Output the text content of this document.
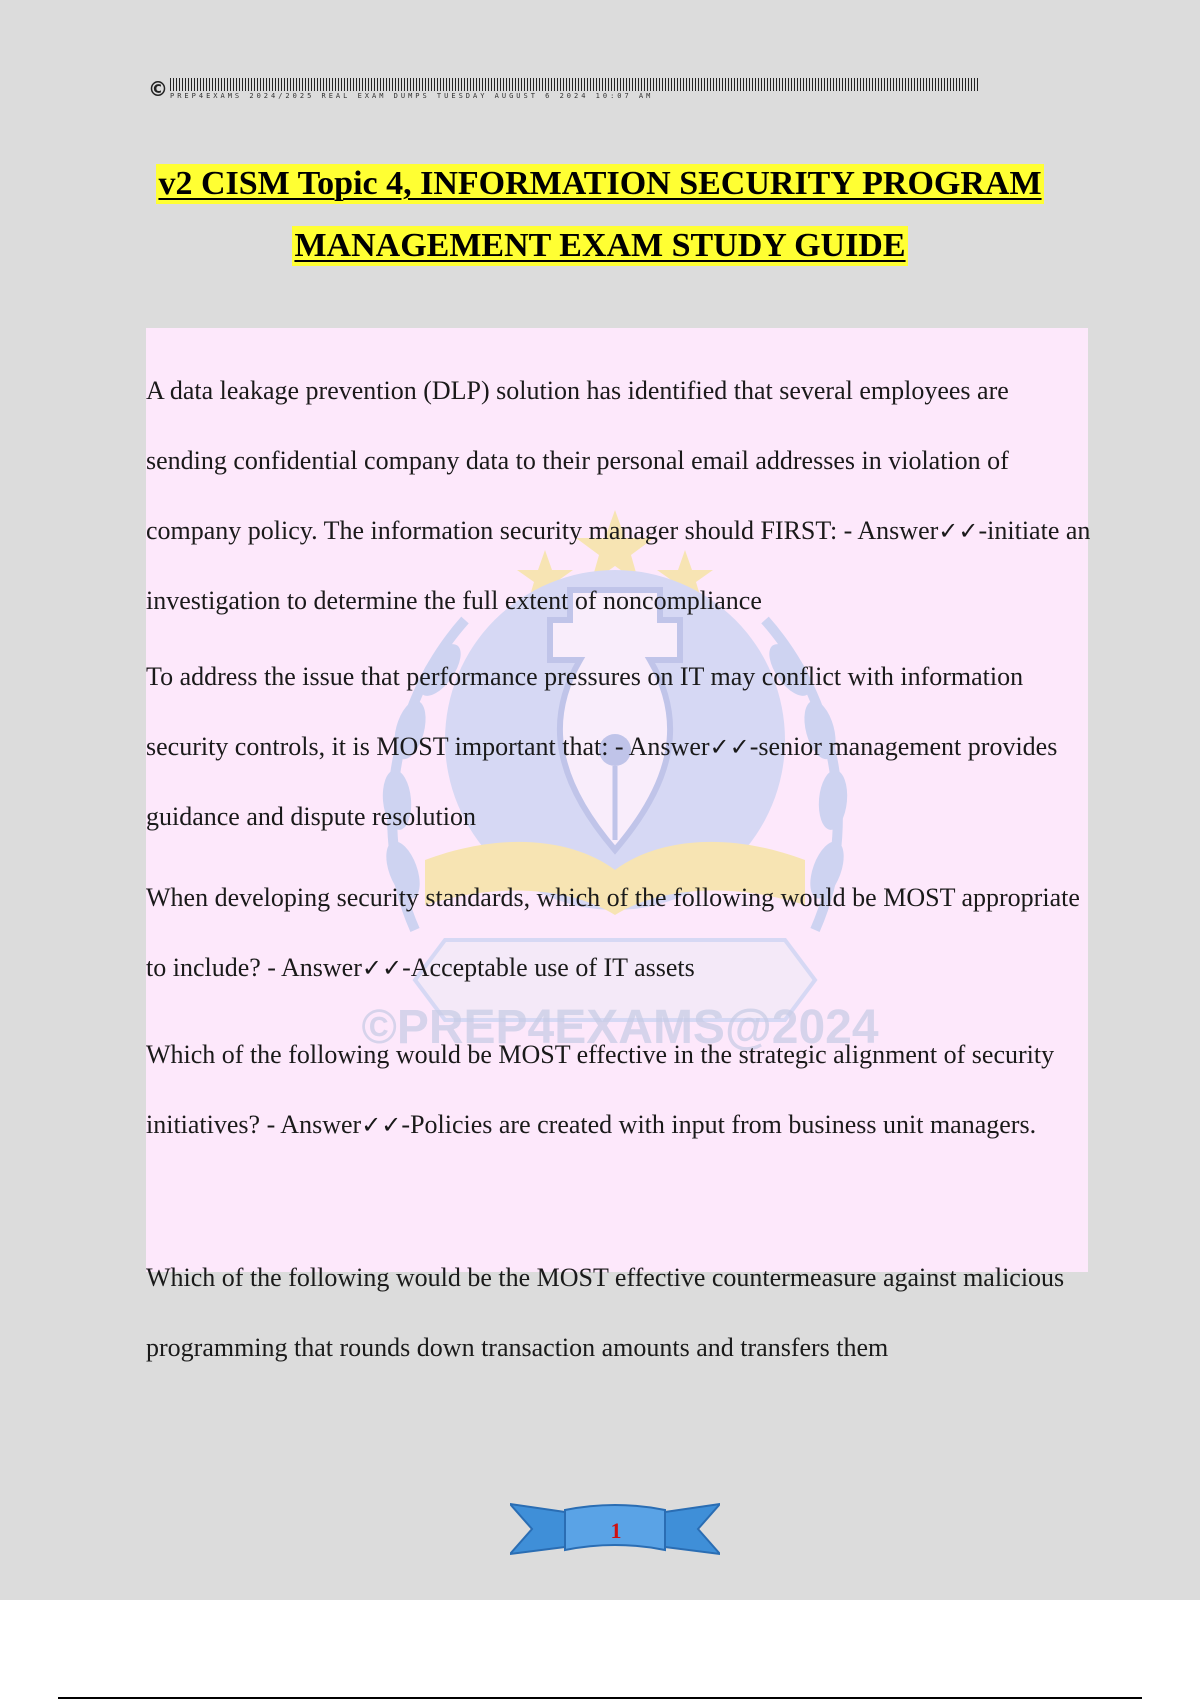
© PREP4EXAMS 2024/2025 REAL EXAM DUMPS TUESDAY AUGUST 6 2024 10:07 AM
v2 CISM Topic 4, INFORMATION SECURITY PROGRAM
MANAGEMENT EXAM STUDY GUIDE
©PREP4EXAMS@2024

A data leakage prevention (DLP) solution has identified that several employees are sending confidential company data to their personal email addresses in violation of company policy. The information security manager should FIRST: - Answer✓✓-initiate an investigation to determine the full extent of noncompliance

To address the issue that performance pressures on IT may conflict with information security controls, it is MOST important that: - Answer✓✓-senior management provides guidance and dispute resolution

When developing security standards, which of the following would be MOST appropriate to include? - Answer✓✓-Acceptable use of IT assets

Which of the following would be MOST effective in the strategic alignment of security initiatives? - Answer✓✓-Policies are created with input from business unit managers.

Which of the following would be the MOST effective countermeasure against malicious programming that rounds down transaction amounts and transfers them

1
